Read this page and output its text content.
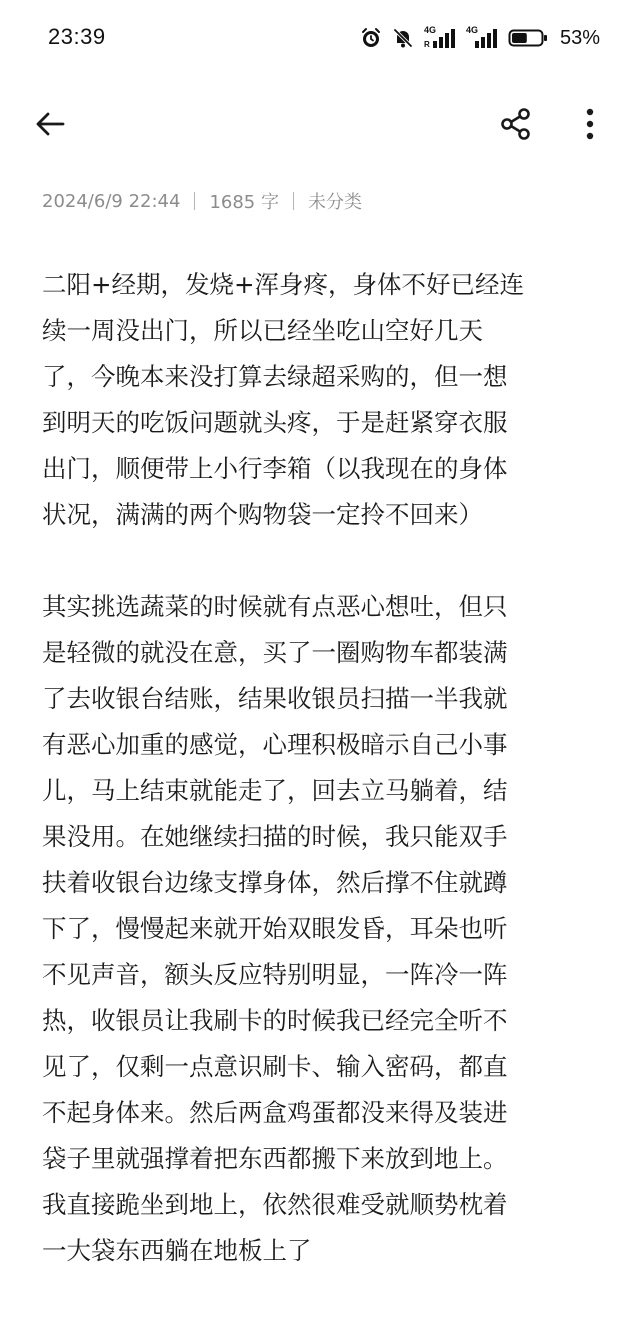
23:39	4G
R
4G	53%
2024/6/9 22:44 1685 字 未分类

二阳+经期，发烧+浑身疼，身体不好已经连
续一周没出门，所以已经坐吃山空好几天
了，今晚本来没打算去绿超采购的，但一想
到明天的吃饭问题就头疼，于是赶紧穿衣服
出门，顺便带上小行李箱（以我现在的身体
状况，满满的两个购物袋一定拎不回来）

其实挑选蔬菜的时候就有点恶心想吐，但只
是轻微的就没在意，买了一圈购物车都装满
了去收银台结账，结果收银员扫描一半我就
有恶心加重的感觉，心理积极暗示自己小事
儿，马上结束就能走了，回去立马躺着，结
果没用。在她继续扫描的时候，我只能双手
扶着收银台边缘支撑身体，然后撑不住就蹲
下了，慢慢起来就开始双眼发昏，耳朵也听
不见声音，额头反应特别明显，一阵冷一阵
热，收银员让我刷卡的时候我已经完全听不
见了，仅剩一点意识刷卡、输入密码，都直
不起身体来。然后两盒鸡蛋都没来得及装进
袋子里就强撑着把东西都搬下来放到地上。
我直接跪坐到地上，依然很难受就顺势枕着
一大袋东西躺在地板上了
